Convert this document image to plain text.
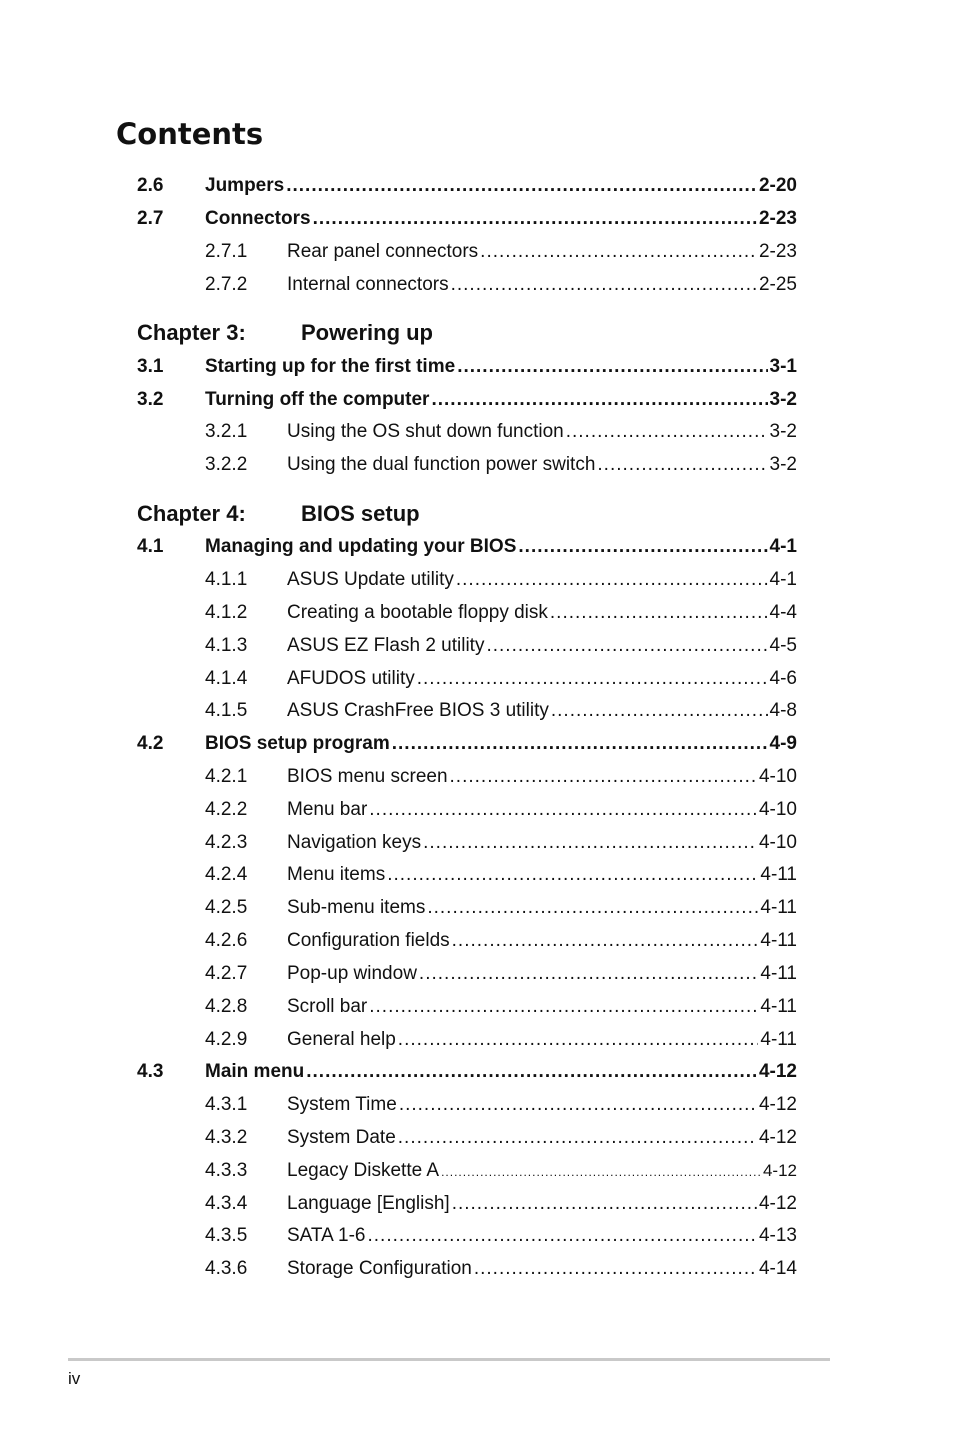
Contents
2.6 Jumpers .....	2-20
2.7 Connectors .....	2-23
2.7.1 Rear panel connectors .....	2-23
2.7.2 Internal connectors .....	2-25
Chapter 3:	Powering up
3.1 Starting up for the first time .....	3-1
3.2 Turning off the computer .....	3-2
3.2.1 Using the OS shut down function .....	3-2
3.2.2 Using the dual function power switch .....	3-2
Chapter 4:	BIOS setup
4.1 Managing and updating your BIOS .....	4-1
4.1.1 ASUS Update utility .....	4-1
4.1.2 Creating a bootable floppy disk .....	4-4
4.1.3 ASUS EZ Flash 2 utility .....	4-5
4.1.4 AFUDOS utility .....	4-6
4.1.5 ASUS CrashFree BIOS 3 utility .....	4-8
4.2 BIOS setup program .....	4-9
4.2.1 BIOS menu screen .....	4-10
4.2.2 Menu bar .....	4-10
4.2.3 Navigation keys .....	4-10
4.2.4 Menu items .....	4-11
4.2.5 Sub-menu items .....	4-11
4.2.6 Configuration fields .....	4-11
4.2.7 Pop-up window .....	4-11
4.2.8 Scroll bar .....	4-11
4.2.9 General help .....	4-11
4.3 Main menu .....	4-12
4.3.1 System Time .....	4-12
4.3.2 System Date .....	4-12
4.3.3 Legacy Diskette A .....	4-12
4.3.4 Language [English] .....	4-12
4.3.5 SATA 1-6 .....	4-13
4.3.6 Storage Configuration .....	4-14
iv
